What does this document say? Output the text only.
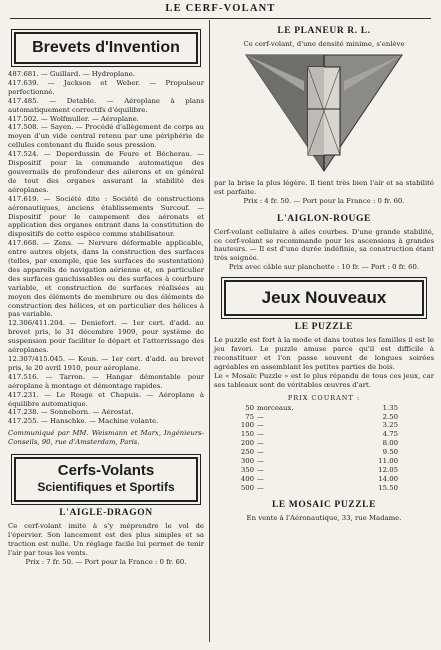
LE CERF-VOLANT
Brevets d'Invention

487.681. — Guillard. — Hydroplane.

417.639. — Jackson et Weber. — Propulseur perfectionné.

417.485. — Detable. — Aéroplane à plans automatiquement correctifs d'équilibre.

417.502. — Wolfmuller. — Aéroplane.

417.508. — Sayen. — Procédé d'allègement de corps au moyen d'un vide central retenu par une périphérie de cellules contenant du fluide sous pression.

417.524. — Deperdussin de Feure et Bécherau. — Dispositif pour la commande automatique des gouvernails de profondeur des ailerons et en général de tout des organes assurant la stabilité des aéroplanes.

417.619. — Société dite : Société de constructions aéronautiques, anciens établissements Surcouf. — Dispositif pour le campement des aéronats et application des organes entrant dans la constitution de dispositifs de cette espèce comme stabilisateur.

417.668. — Zens. — Nervure déformable applicable, entre autres objets, dans la construction des surfaces (telles, par exemple, que les surfaces de sustentation) des appareils de navigation aérienne et, en particulier des surfaces gauchissables ou des surfaces à courbure variable, et construction de surfaces réalisées au moyen des éléments de membrure ou des éléments de construction des hélices, et en particulier des hélices à pas variable.

12.306/411.204. — Deniefort. — 1er cert. d'add. au brevet pris, le 31 décembre 1909, pour système de suspension pour faciliter le départ et l'atterrissage des aéroplanes.

12.307/415.045. — Keun. — 1er cert. d'add. au brevet pris, le 20 avril 1910, pour aéroplane.

417.516. — Tarron. — Hangar démontable pour aéroplane à montage et démontage rapides.

417.231. — Le Rouge et Chapuis. — Aéroplane à équilibre automatique.

417.238. — Sonneborn. — Aérostat.

417.255. — Hanschke. — Machine volante.

Communiqué par MM. Weismann et Marx, Ingénieurs-Conseils, 90, rue d'Amsterdam, Paris.

Cerfs-Volants
Scientifiques et Sportifs
L'AIGLE-DRAGON

Ce cerf-volant imite à s'y méprendre le vol de l'épervier. Son lancement est des plus simples et sa traction est nulle. Un réglage facile lui permet de tenir l'air par tous les vents.

Prix : 7 fr. 50. — Port pour la France : 0 fr. 60.

LE PLANEUR R. L.

Ce cerf-volant, d'une densité minime, s'enlève

par la brise la plus légère. Il tient très bien l'air et sa stabilité est parfaite.

Prix : 4 fr. 50. — Port pour la France : 0 fr. 60.

L'AIGLON-ROUGE

Cerf-volant cellulaire à ailes courbes. D'une grande stabilité, ce cerf-volant se recommande pour les ascensions à grandes hauteurs. — Il est d'une durée indéfinie, sa construction étant très soignée.

Prix avec câble sur planchette : 10 fr. — Port : 0 fr. 60.

Jeux Nouveaux
LE PUZZLE

Le puzzle est fort à la mode et dans toutes les familles il est le jeu favori. Le puzzle amuse parce qu'il est difficile à reconstituer et l'on passe souvent de longues soirées agréables en assemblant les petites parties de bois.

Le « Mosaïc Puzzle » est le plus répandu de tous ces jeux, car ses tableaux sont de véritables œuvres d'art.

PRIX COURANT :
50	morceaux.	1.35
75	—	2.50
100	—	3.25
150	—	4.75
200	—	8.00
250	—	9.50
300	—	11.00
350	—	12.05
400	—	14.00
500	—	15.50
LE MOSAIC PUZZLE

En vente à l'Aéronautique, 33, rue Madame.
